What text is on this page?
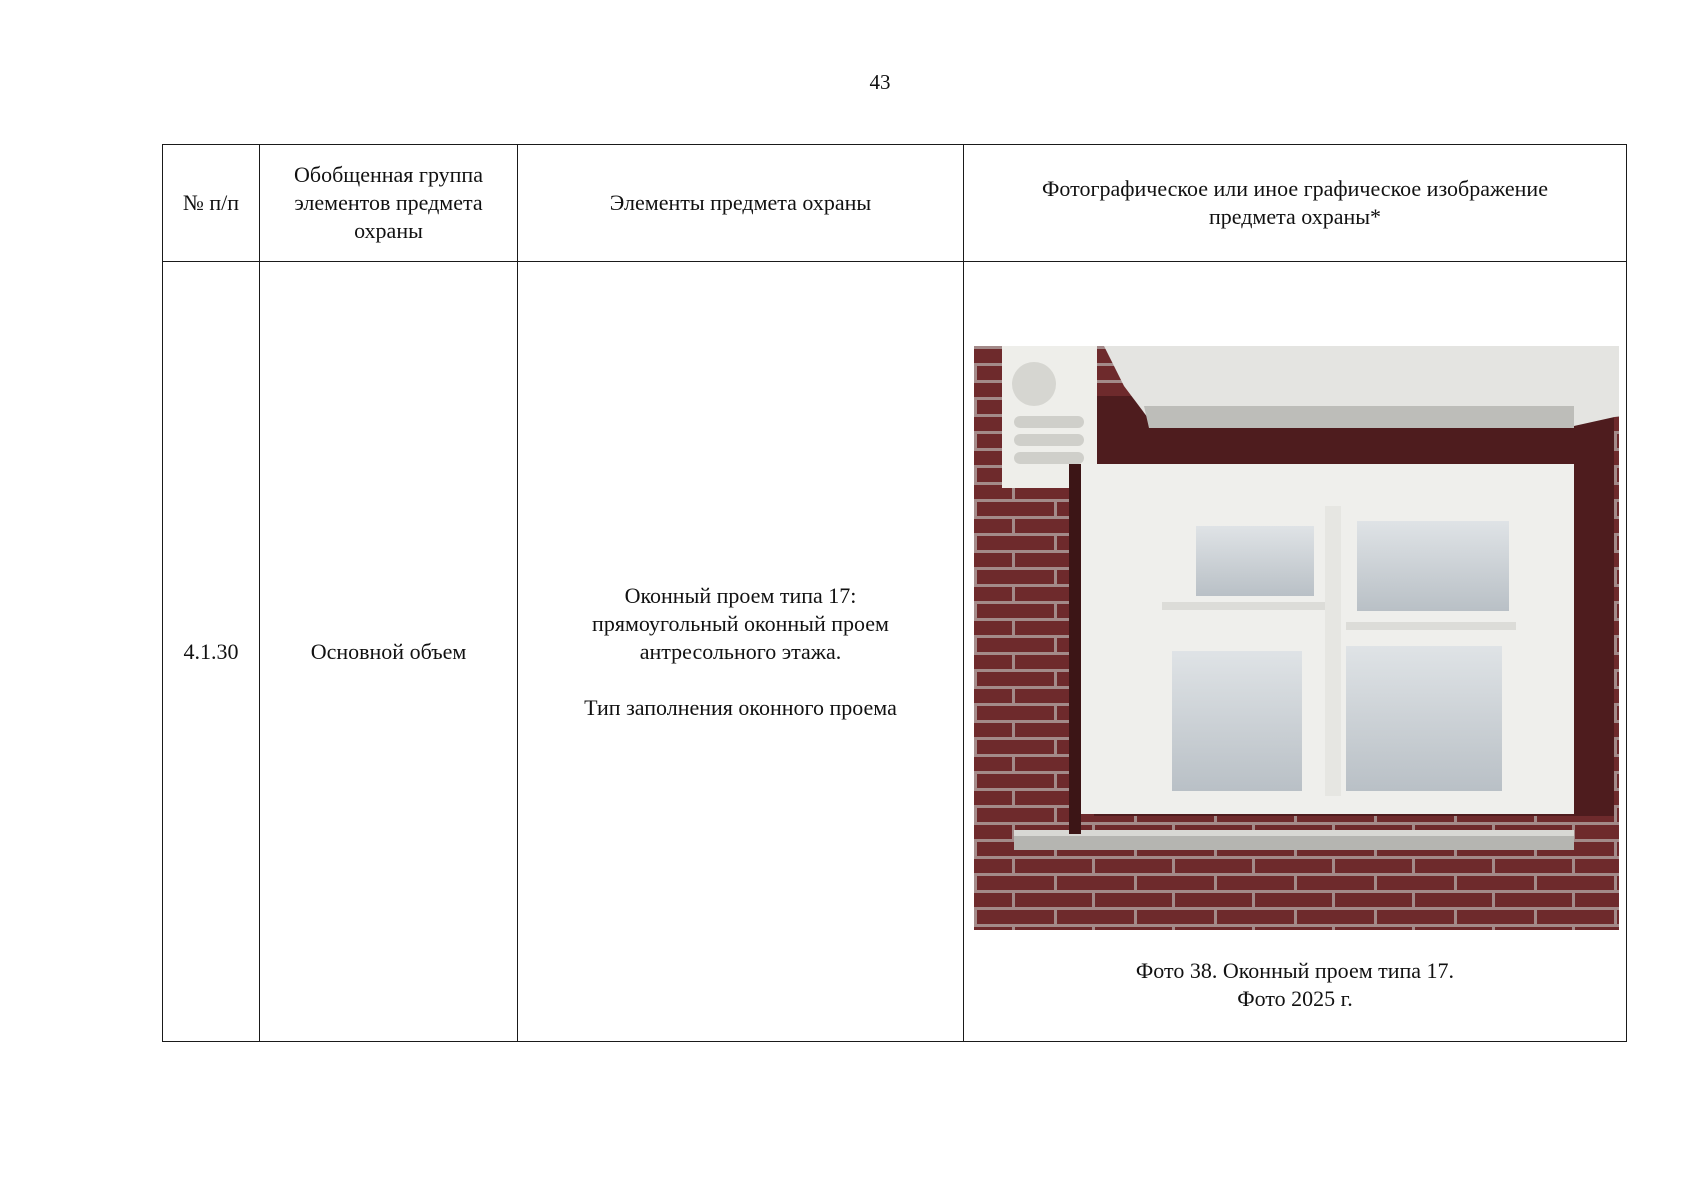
43
№ п/п	Обобщенная группа
элементов предмета
охраны	Элементы предмета охраны	Фотографическое или иное графическое изображение
предмета охраны*

4.1.30	Основной объем	Оконный проем типа 17:
прямоугольный оконный проем
антресольного этажа.
Тип заполнения оконного проема	Фото 38. Оконный проем типа 17.
Фото 2025 г.
